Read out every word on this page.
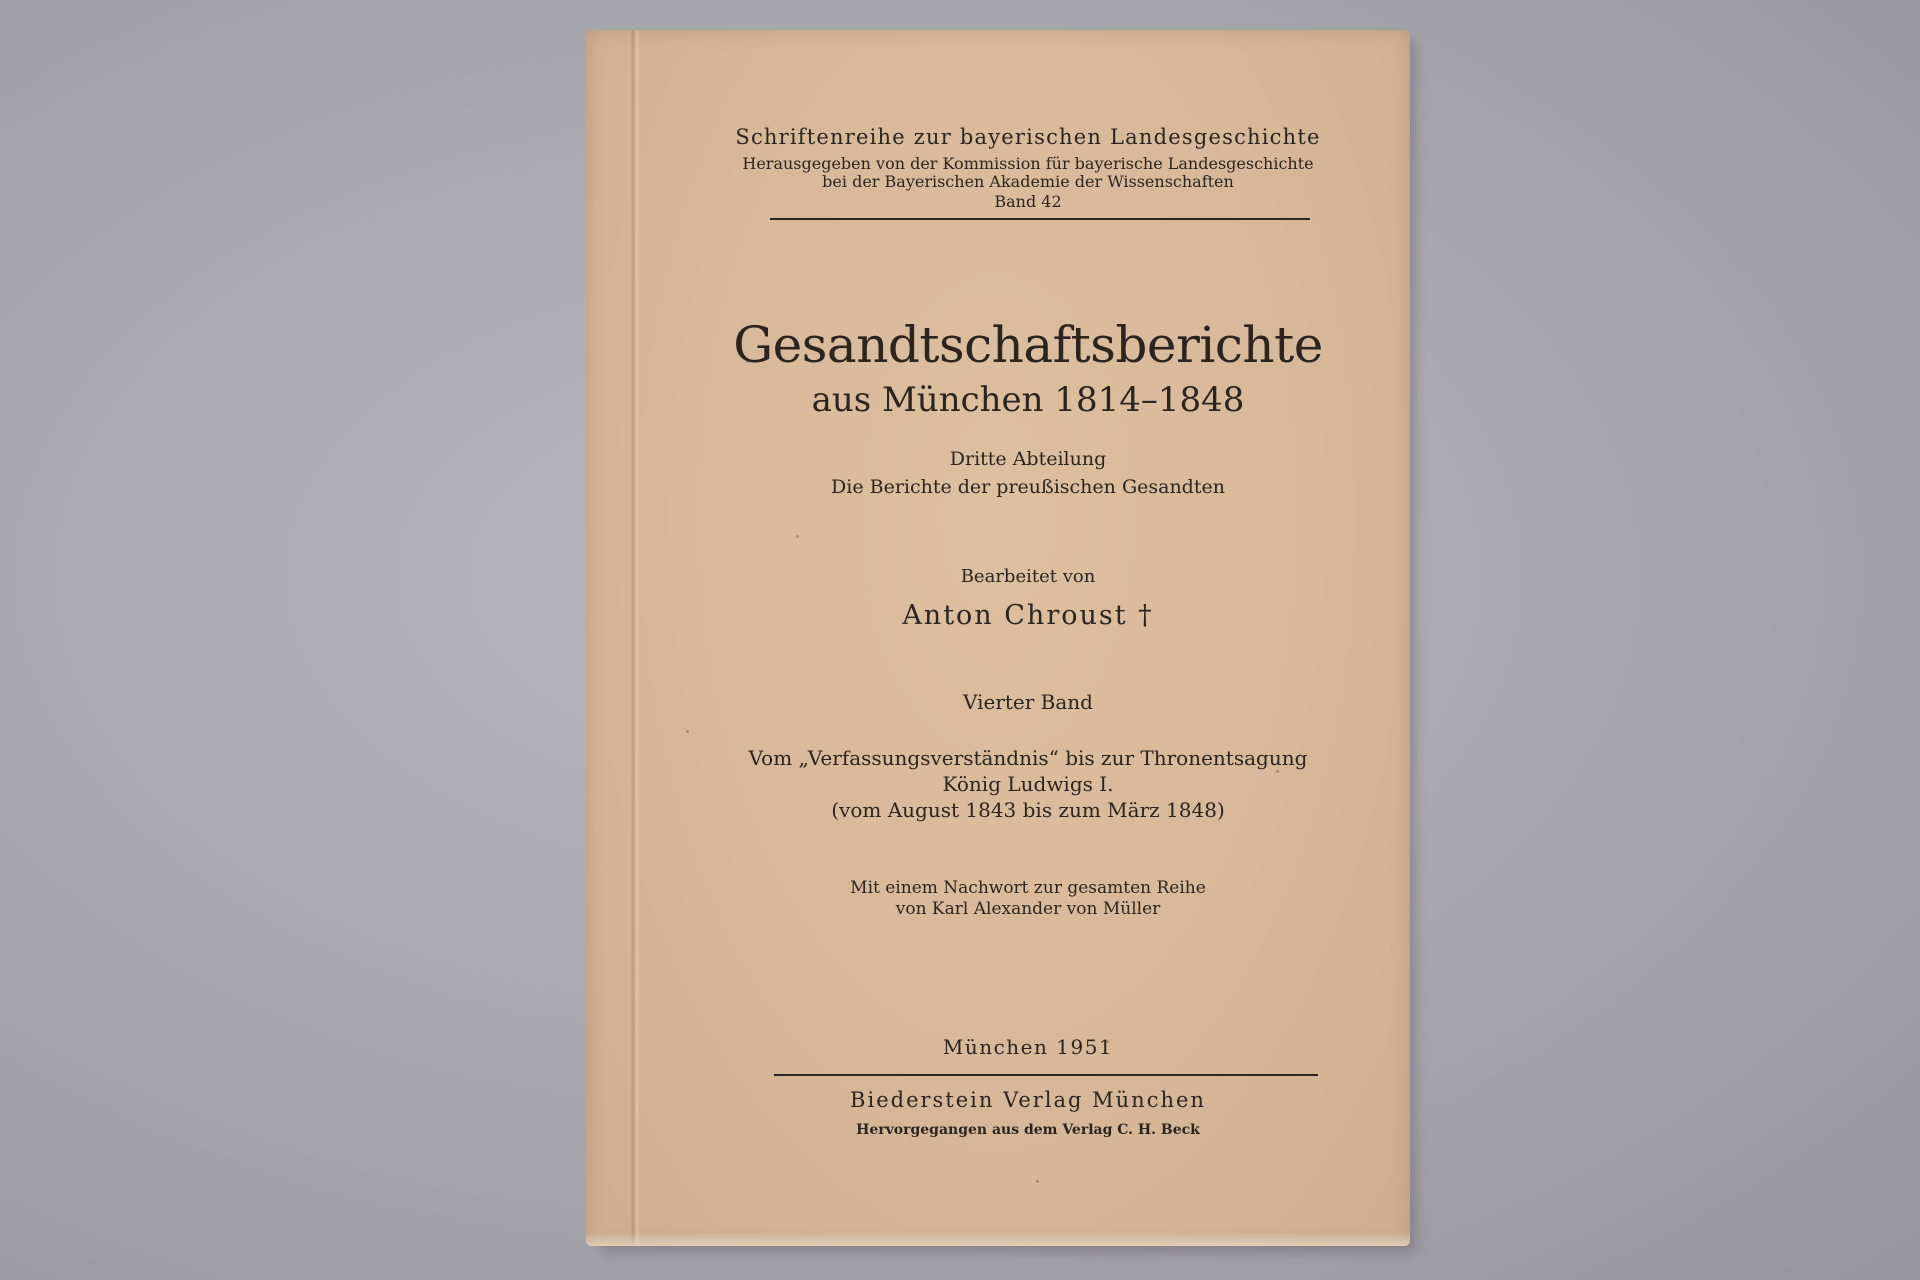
Schriftenreihe zur bayerischen Landesgeschichte
Herausgegeben von der Kommission für bayerische Landesgeschichte
bei der Bayerischen Akademie der Wissenschaften
Band 42
Gesandtschaftsberichte
aus München 1814–1848
Dritte Abteilung
Die Berichte der preußischen Gesandten
Bearbeitet von
Anton Chroust †
Vierter Band
Vom „Verfassungsverständnis“ bis zur Thronentsagung
König Ludwigs I.
(vom August 1843 bis zum März 1848)
Mit einem Nachwort zur gesamten Reihe
von Karl Alexander von Müller
München 1951
Biederstein Verlag München
Hervorgegangen aus dem Verlag C. H. Beck
